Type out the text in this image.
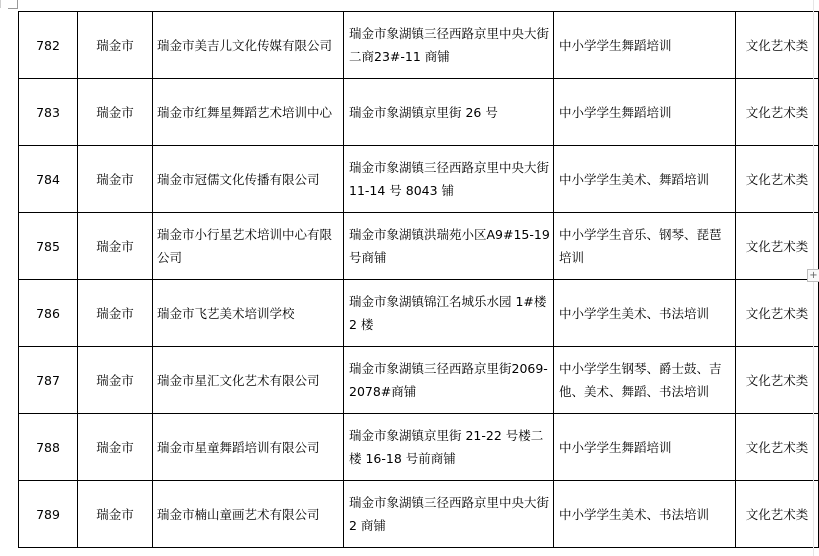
782	瑞金市	瑞金市美吉儿文化传媒有限公司	瑞金市象湖镇三径西路京里中央大街二商23#-11 商铺	中小学学生舞蹈培训	文化艺术类
783	瑞金市	瑞金市红舞星舞蹈艺术培训中心	瑞金市象湖镇京里街 26 号	中小学学生舞蹈培训	文化艺术类
784	瑞金市	瑞金市冠儒文化传播有限公司	瑞金市象湖镇三径西路京里中央大街 11-14 号 8043 铺	中小学学生美术、舞蹈培训	文化艺术类
785	瑞金市	瑞金市小行星艺术培训中心有限公司	瑞金市象湖镇洪瑞苑小区A9#15-19 号商铺	中小学学生音乐、钢琴、琵琶培训	文化艺术类
786	瑞金市	瑞金市飞艺美术培训学校	瑞金市象湖镇锦江名城乐水园 1#楼2 楼	中小学学生美术、书法培训	文化艺术类
787	瑞金市	瑞金市星汇文化艺术有限公司	瑞金市象湖镇三径西路京里街2069-2078#商铺	中小学学生钢琴、爵士鼓、吉他、美术、舞蹈、书法培训	文化艺术类
788	瑞金市	瑞金市星童舞蹈培训有限公司	瑞金市象湖镇京里街 21-22 号楼二楼 16-18 号前商铺	中小学学生舞蹈培训	文化艺术类
789	瑞金市	瑞金市楠山童画艺术有限公司	瑞金市象湖镇三径西路京里中央大街 2 商铺	中小学学生美术、书法培训	文化艺术类
+
